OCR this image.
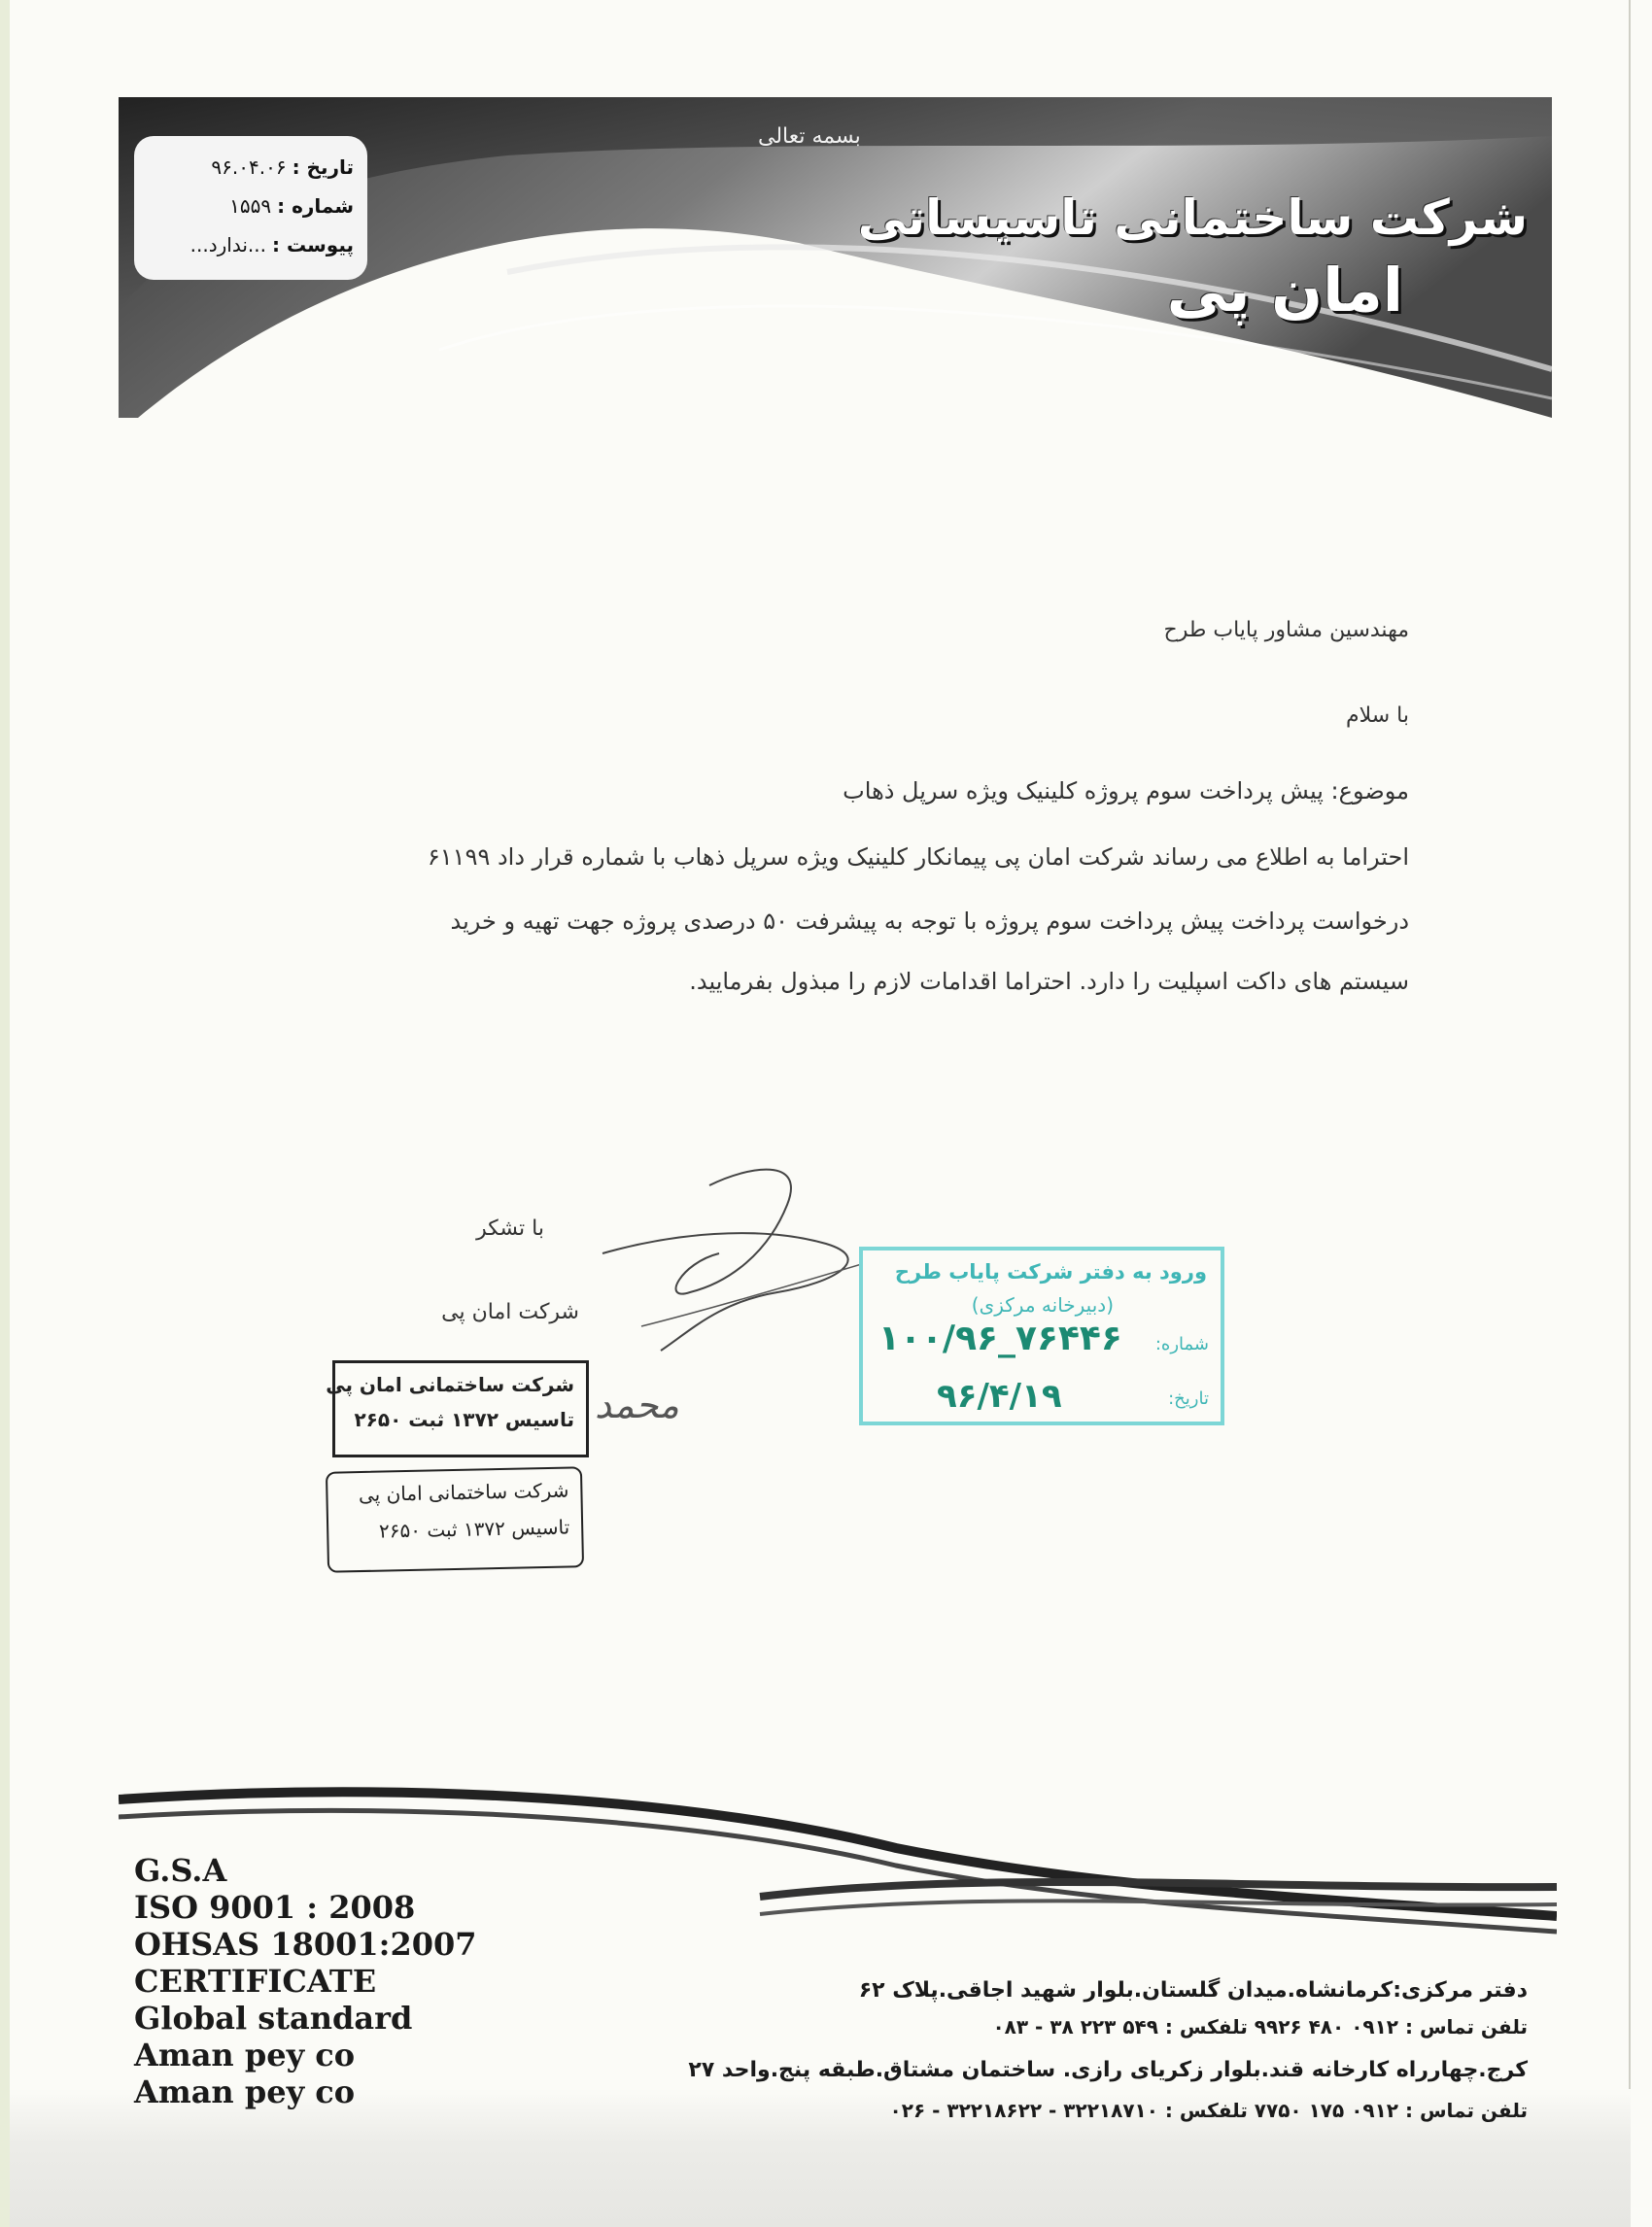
بسمه تعالی
شرکت ساختمانی تاسیساتی
امان پی
تاریخ :۹۶.۰۴.۰۶
شماره :۱۵۵۹
پیوست :...ندارد...
مهندسین مشاور پایاب طرح
با سلام
موضوع: پیش پرداخت سوم پروژه کلینیک ویژه سرپل ذهاب
احتراما به اطلاع می رساند شرکت امان پی پیمانکار کلینیک ویژه سرپل ذهاب با شماره قرار داد ۶۱۱۹۹
درخواست پرداخت پیش پرداخت سوم پروژه با توجه به پیشرفت ۵۰ درصدی پروژه جهت تهیه و خرید
سیستم های داکت اسپلیت را دارد. احتراما اقدامات لازم را مبذول بفرمایید.
با تشکر
شرکت امان پی
شرکت ساختمانی امان پی
تاسیس ۱۳۷۲ ثبت ۲۶۵۰
شرکت ساختمانی امان پی
تاسیس ۱۳۷۲ ثبت ۲۶۵۰
محمد
ورود به دفتر شرکت پایاب طرح
(دبیرخانه مرکزی)
شماره:
۱۰۰/۹۶_۷۶۴۴۶
تاریخ:
۹۶/۴/۱۹
G.S.A
ISO 9001 : 2008
OHSAS 18001:2007
CERTIFICATE
Global standard
Aman pey co
Aman pey co
دفتر مرکزی:کرمانشاه.میدان گلستان.بلوار شهید اجاقی.پلاک ۶۲
تلفن تماس : ۰۹۱۲ ۴۸۰ ۹۹۲۶ تلفکس : ۵۴۹ ۲۲۳ ۳۸ - ۰۸۳
کرج.چهارراه کارخانه قند.بلوار زکریای رازی. ساختمان مشتاق.طبقه پنج.واحد ۲۷
تلفن تماس : ۰۹۱۲ ۱۷۵ ۷۷۵۰ تلفکس : ۳۲۲۱۸۷۱۰ - ۳۲۲۱۸۶۲۲ - ۰۲۶
